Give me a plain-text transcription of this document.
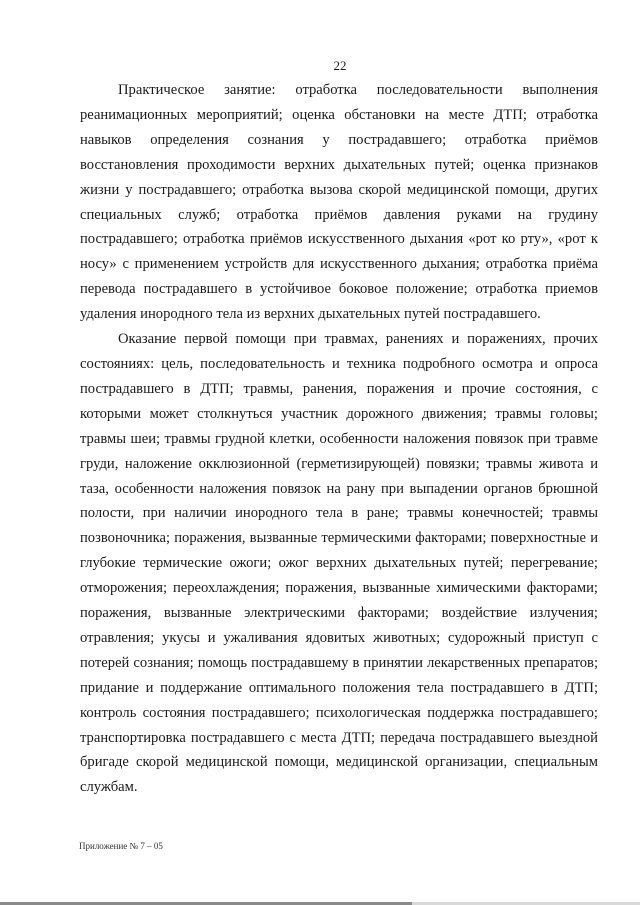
22

Практическое занятие: отработка последовательности выполнения реанимационных мероприятий; оценка обстановки на месте ДТП; отработка навыков определения сознания у пострадавшего; отработка приёмов восстановления проходимости верхних дыхательных путей; оценка признаков жизни у пострадавшего; отработка вызова скорой медицинской помощи, других специальных служб; отработка приёмов давления руками на грудину пострадавшего; отработка приёмов искусственного дыхания «рот ко рту», «рот к носу» с применением устройств для искусственного дыхания; отработка приёма перевода пострадавшего в устойчивое боковое положение; отработка приемов удаления инородного тела из верхних дыхательных путей пострадавшего.

Оказание первой помощи при травмах, ранениях и поражениях, прочих состояниях: цель, последовательность и техника подробного осмотра и опроса пострадавшего в ДТП; травмы, ранения, поражения и прочие состояния, с которыми может столкнуться участник дорожного движения; травмы головы; травмы шеи; травмы грудной клетки, особенности наложения повязок при травме груди, наложение окклюзионной (герметизирующей) повязки; травмы живота и таза, особенности наложения повязок на рану при выпадении органов брюшной полости, при наличии инородного тела в ране; травмы конечностей; травмы позвоночника; поражения, вызванные термическими факторами; поверхностные и глубокие термические ожоги; ожог верхних дыхательных путей; перегревание; отморожения; переохлаждения; поражения, вызванные химическими факторами; поражения, вызванные электрическими факторами; воздействие излучения; отравления; укусы и ужаливания ядовитых животных; судорожный приступ с потерей сознания; помощь пострадавшему в принятии лекарственных препаратов; придание и поддержание оптимального положения тела пострадавшего в ДТП; контроль состояния пострадавшего; психологическая поддержка пострадавшего; транспортировка пострадавшего с места ДТП; передача пострадавшего выездной бригаде скорой медицинской помощи, медицинской организации, специальным службам.

Приложение № 7 – 05
